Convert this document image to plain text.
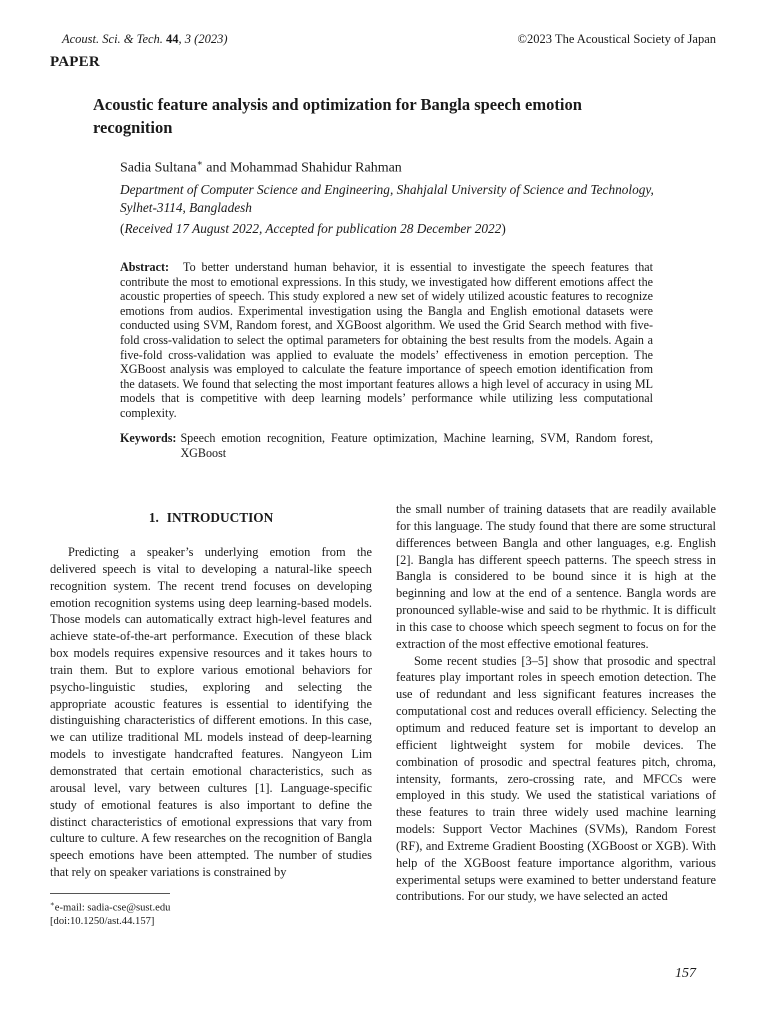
Acoust. Sci. & Tech. 44, 3 (2023)	©2023 The Acoustical Society of Japan
PAPER
Acoustic feature analysis and optimization for Bangla speech emotion recognition
Sadia Sultana∗ and Mohammad Shahidur Rahman
Department of Computer Science and Engineering, Shahjalal University of Science and Technology, Sylhet-3114, Bangladesh
(Received 17 August 2022, Accepted for publication 28 December 2022)
Abstract: To better understand human behavior, it is essential to investigate the speech features that contribute the most to emotional expressions. In this study, we investigated how different emotions affect the acoustic properties of speech. This study explored a new set of widely utilized acoustic features to recognize emotions from audios. Experimental investigation using the Bangla and English emotional datasets were conducted using SVM, Random forest, and XGBoost algorithm. We used the Grid Search method with five-fold cross-validation to select the optimal parameters for obtaining the best results from the models. Again a five-fold cross-validation was applied to evaluate the models’ effectiveness in emotion perception. The XGBoost analysis was employed to calculate the feature importance of speech emotion identification from the datasets. We found that selecting the most important features allows a high level of accuracy in using ML models that is competitive with deep learning models’ performance while utilizing less computational complexity.
Keywords: Speech emotion recognition, Feature optimization, Machine learning, SVM, Random forest, XGBoost
1. INTRODUCTION

Predicting a speaker’s underlying emotion from the delivered speech is vital to developing a natural-like speech recognition system. The recent trend focuses on developing emotion recognition systems using deep learning-based models. Those models can automatically extract high-level features and achieve state-of-the-art performance. Execution of these black box models requires expensive resources and it takes hours to train them. But to explore various emotional behaviors for psycho-linguistic studies, exploring and selecting the appropriate acoustic features is essential to identifying the distinguishing characteristics of different emotions. In this case, we can utilize traditional ML models instead of deep-learning models to investigate handcrafted features. Nangyeon Lim demonstrated that certain emotional characteristics, such as arousal level, vary between cultures [1]. Language-specific study of emotional features is also important to define the distinct characteristics of emotional expressions that vary from culture to culture. A few researches on the recognition of Bangla speech emotions have been attempted. The number of studies that rely on speaker variations is constrained by

the small number of training datasets that are readily available for this language. The study found that there are some structural differences between Bangla and other languages, e.g. English [2]. Bangla has different speech patterns. The speech stress in Bangla is considered to be bound since it is high at the beginning and low at the end of a sentence. Bangla words are pronounced syllable-wise and said to be rhythmic. It is difficult in this case to choose which speech segment to focus on for the extraction of the most effective emotional features.

Some recent studies [3–5] show that prosodic and spectral features play important roles in speech emotion detection. The use of redundant and less significant features increases the computational cost and reduces overall efficiency. Selecting the optimum and reduced feature set is important to develop an efficient lightweight system for mobile devices. The combination of prosodic and spectral features pitch, chroma, intensity, formants, zero-crossing rate, and MFCCs were employed in this study. We used the statistical variations of these features to train three widely used machine learning models: Support Vector Machines (SVMs), Random Forest (RF), and Extreme Gradient Boosting (XGBoost or XGB). With help of the XGBoost feature importance algorithm, various experimental setups were examined to better understand feature contributions. For our study, we have selected an acted

∗e-mail: sadia-cse@sust.edu
[doi:10.1250/ast.44.157]
157
